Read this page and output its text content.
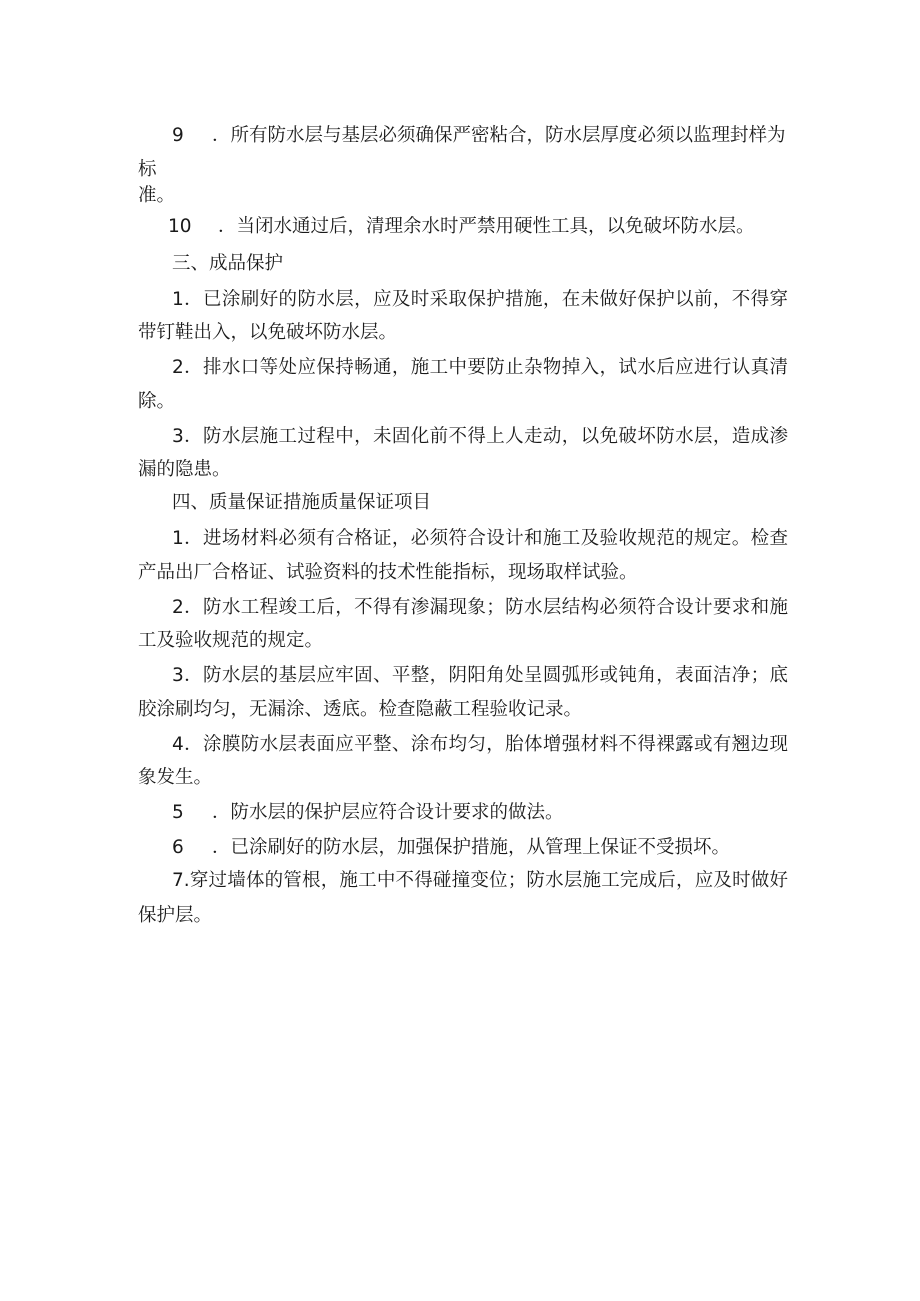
9 ．所有防水层与基层必须确保严密粘合，防水层厚度必须以监理封样为
标
准。
10 ．当闭水通过后，清理余水时严禁用硬性工具，以免破坏防水层。
三、成品保护
1．已涂刷好的防水层，应及时采取保护措施，在未做好保护以前，不得穿
带钉鞋出入，以免破坏防水层。
2．排水口等处应保持畅通，施工中要防止杂物掉入，试水后应进行认真清
除。
3．防水层施工过程中，未固化前不得上人走动，以免破坏防水层，造成渗
漏的隐患。
四、质量保证措施质量保证项目
1．进场材料必须有合格证，必须符合设计和施工及验收规范的规定。检查
产品出厂合格证、试验资料的技术性能指标，现场取样试验。
2．防水工程竣工后，不得有渗漏现象；防水层结构必须符合设计要求和施
工及验收规范的规定。
3．防水层的基层应牢固、平整，阴阳角处呈圆弧形或钝角，表面洁净；底
胶涂刷均匀，无漏涂、透底。检查隐蔽工程验收记录。
4．涂膜防水层表面应平整、涂布均匀，胎体增强材料不得裸露或有翘边现
象发生。
5 ．防水层的保护层应符合设计要求的做法。
6 ．已涂刷好的防水层，加强保护措施，从管理上保证不受损坏。
7.穿过墙体的管根，施工中不得碰撞变位；防水层施工完成后，应及时做好
保护层。
